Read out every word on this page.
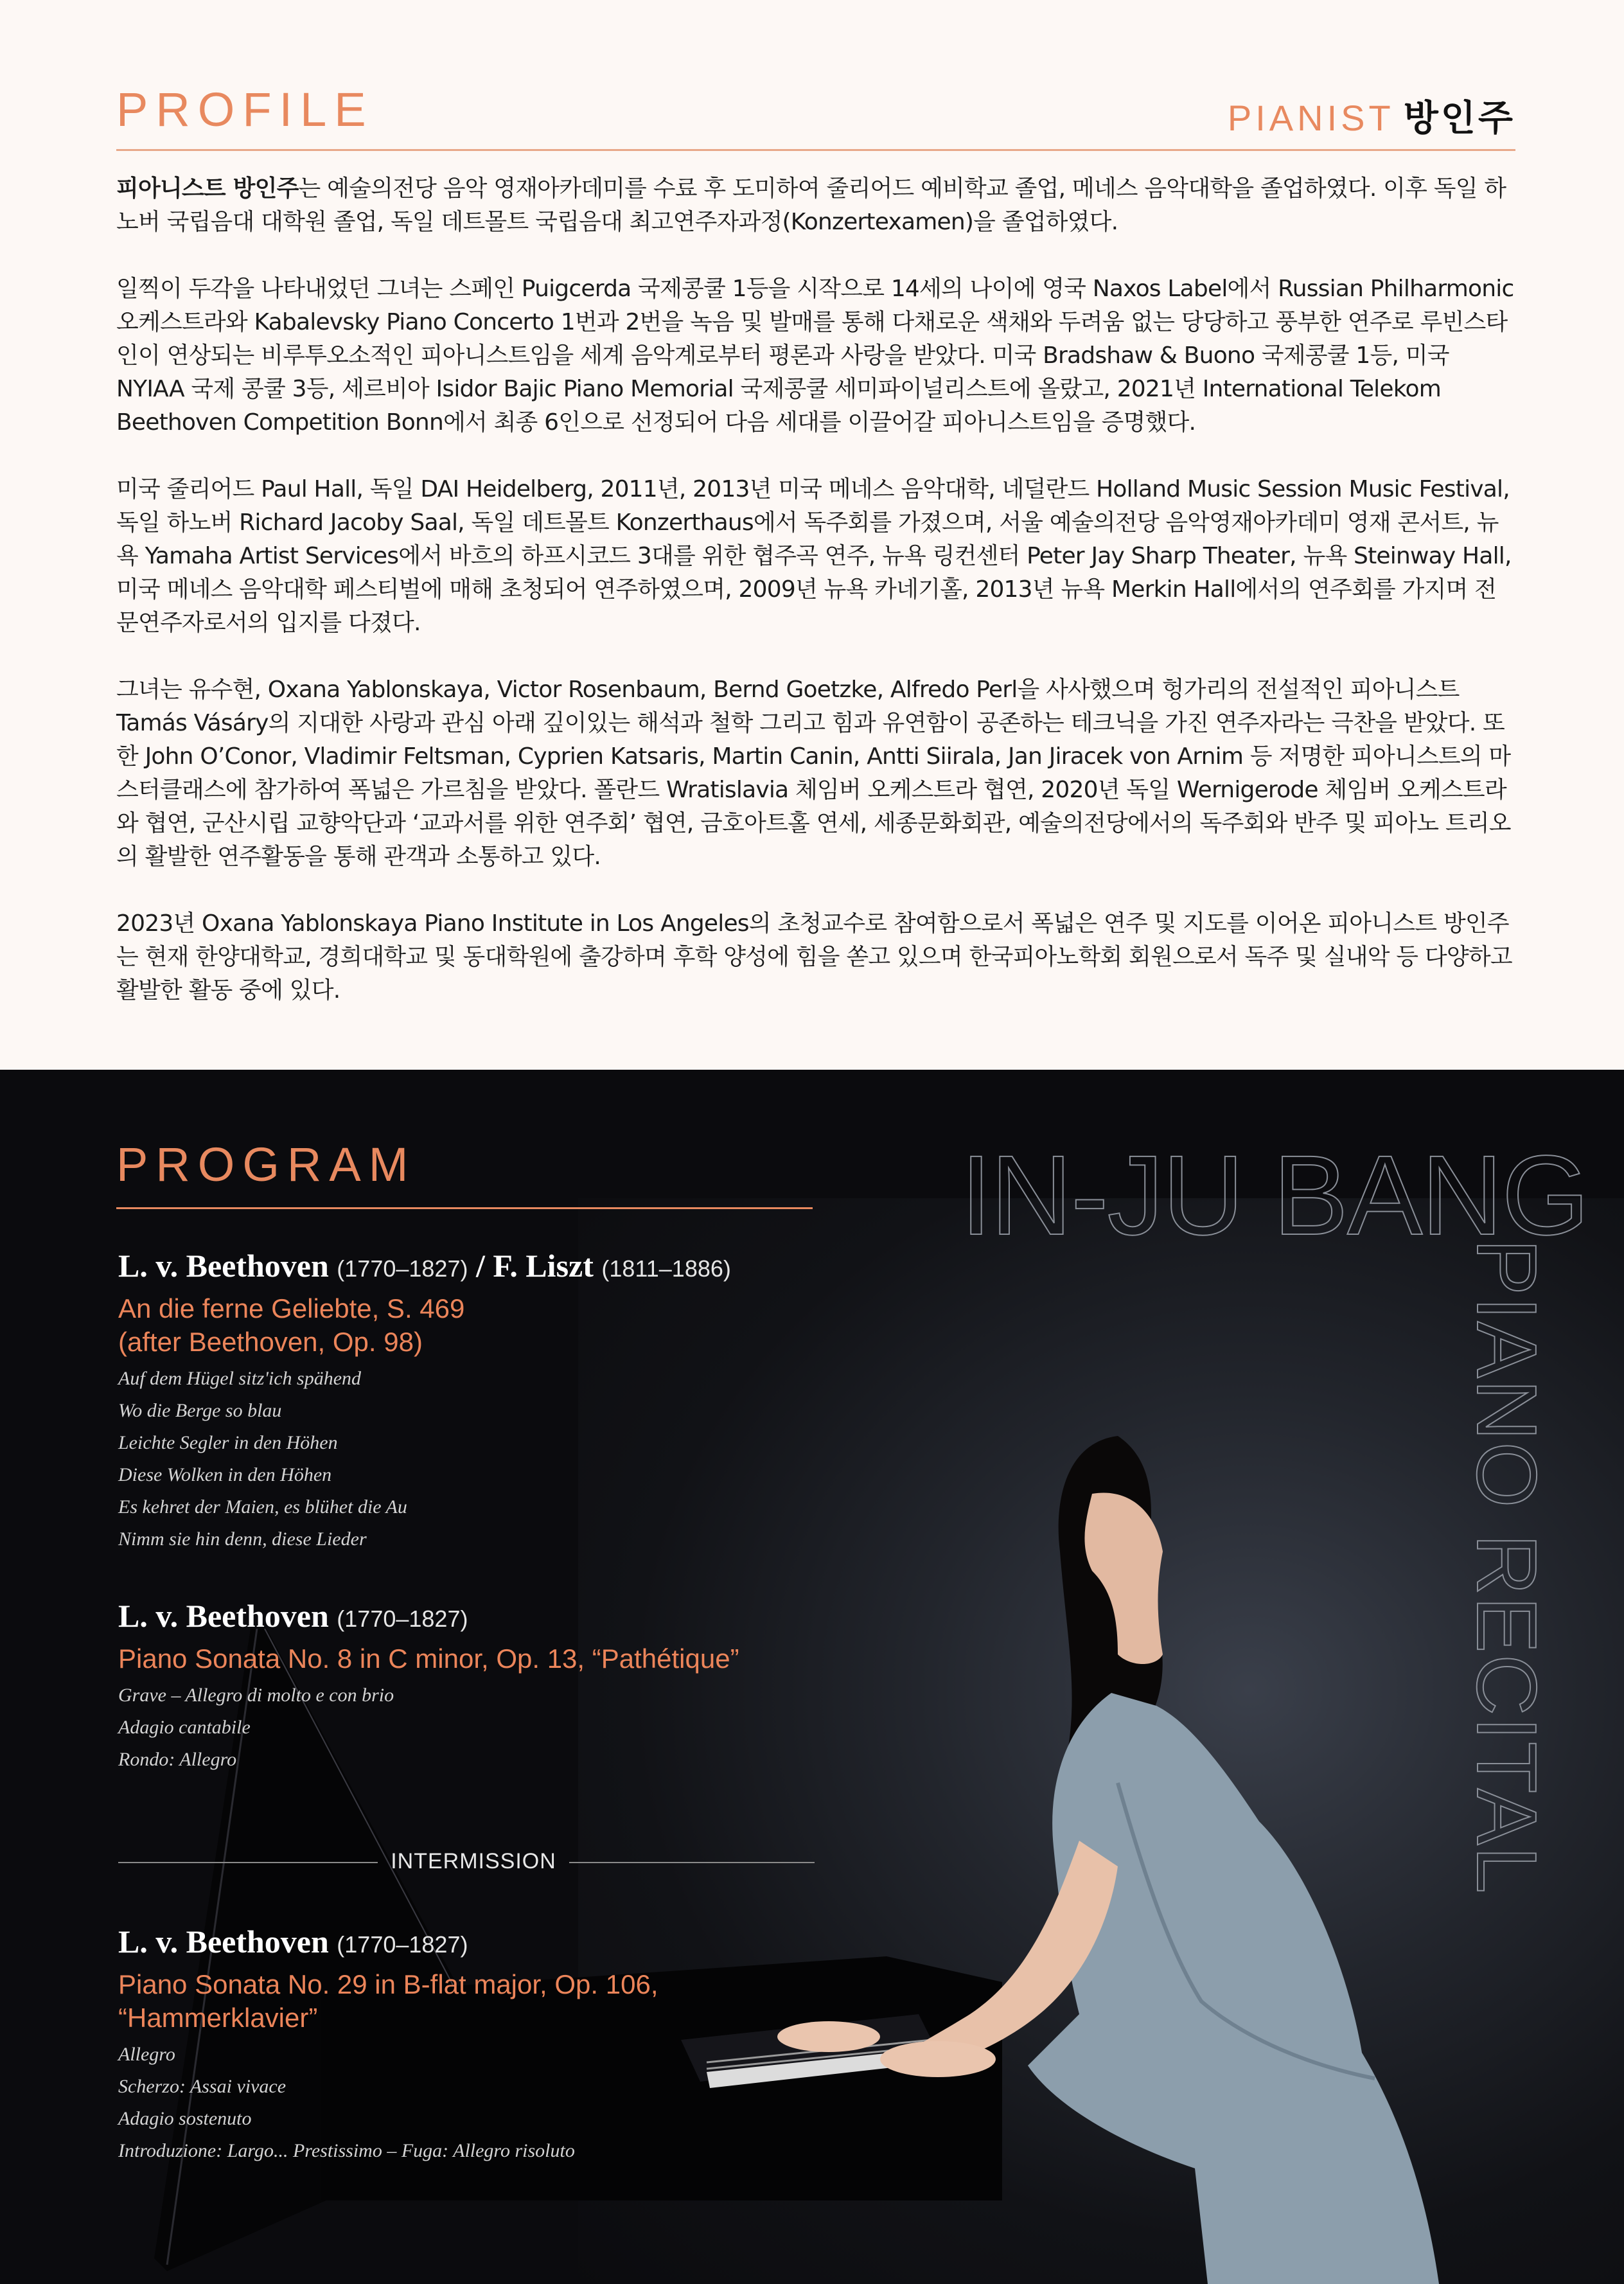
PROFILE	PIANIST 방인주

피아니스트 방인주는 예술의전당 음악 영재아카데미를 수료 후 도미하여 줄리어드 예비학교 졸업, 메네스 음악대학을 졸업하였다. 이후 독일 하노버 국립음대 대학원 졸업, 독일 데트몰트 국립음대 최고연주자과정(Konzertexamen)을 졸업하였다.

일찍이 두각을 나타내었던 그녀는 스페인 Puigcerda 국제콩쿨 1등을 시작으로 14세의 나이에 영국 Naxos Label에서 Russian Philharmonic 오케스트라와 Kabalevsky Piano Concerto 1번과 2번을 녹음 및 발매를 통해 다채로운 색채와 두려움 없는 당당하고 풍부한 연주로 루빈스타인이 연상되는 비루투오소적인 피아니스트임을 세계 음악계로부터 평론과 사랑을 받았다. 미국 Bradshaw & Buono 국제콩쿨 1등, 미국 NYIAA 국제 콩쿨 3등, 세르비아 Isidor Bajic Piano Memorial 국제콩쿨 세미파이널리스트에 올랐고, 2021년 International Telekom Beethoven Competition Bonn에서 최종 6인으로 선정되어 다음 세대를 이끌어갈 피아니스트임을 증명했다.

미국 줄리어드 Paul Hall, 독일 DAI Heidelberg, 2011년, 2013년 미국 메네스 음악대학, 네덜란드 Holland Music Session Music Festival, 독일 하노버 Richard Jacoby Saal, 독일 데트몰트 Konzerthaus에서 독주회를 가졌으며, 서울 예술의전당 음악영재아카데미 영재 콘서트, 뉴욕 Yamaha Artist Services에서 바흐의 하프시코드 3대를 위한 협주곡 연주, 뉴욕 링컨센터 Peter Jay Sharp Theater, 뉴욕 Steinway Hall, 미국 메네스 음악대학 페스티벌에 매해 초청되어 연주하였으며, 2009년 뉴욕 카네기홀, 2013년 뉴욕 Merkin Hall에서의 연주회를 가지며 전문연주자로서의 입지를 다졌다.

그녀는 유수현, Oxana Yablonskaya, Victor Rosenbaum, Bernd Goetzke, Alfredo Perl을 사사했으며 헝가리의 전설적인 피아니스트 Tamás Vásáry의 지대한 사랑과 관심 아래 깊이있는 해석과 철학 그리고 힘과 유연함이 공존하는 테크닉을 가진 연주자라는 극찬을 받았다. 또한 John O’Conor, Vladimir Feltsman, Cyprien Katsaris, Martin Canin, Antti Siirala, Jan Jiracek von Arnim 등 저명한 피아니스트의 마스터클래스에 참가하여 폭넓은 가르침을 받았다. 폴란드 Wratislavia 체임버 오케스트라 협연, 2020년 독일 Wernigerode 체임버 오케스트라와 협연, 군산시립 교향악단과 ‘교과서를 위한 연주회’ 협연, 금호아트홀 연세, 세종문화회관, 예술의전당에서의 독주회와 반주 및 피아노 트리오의 활발한 연주활동을 통해 관객과 소통하고 있다.

2023년 Oxana Yablonskaya Piano Institute in Los Angeles의 초청교수로 참여함으로서 폭넓은 연주 및 지도를 이어온 피아니스트 방인주는 현재 한양대학교, 경희대학교 및 동대학원에 출강하며 후학 양성에 힘을 쏟고 있으며 한국피아노학회 회원으로서 독주 및 실내악 등 다양하고 활발한 활동 중에 있다.

PROGRAM	IN-JU BANG
PIANO RECITAL
L. v. Beethoven (1770–1827) / F. Liszt (1811–1886)
An die ferne Geliebte, S. 469
(after Beethoven, Op. 98)
Auf dem Hügel sitz'ich spähend
Wo die Berge so blau
Leichte Segler in den Höhen
Diese Wolken in den Höhen
Es kehret der Maien, es blühet die Au
Nimm sie hin denn, diese Lieder
L. v. Beethoven (1770–1827)
Piano Sonata No. 8 in C minor, Op. 13, “Pathétique”
Grave – Allegro di molto e con brio
Adagio cantabile
Rondo: Allegro
INTERMISSION
L. v. Beethoven (1770–1827)
Piano Sonata No. 29 in B-flat major, Op. 106,
“Hammerklavier”
Allegro
Scherzo: Assai vivace
Adagio sostenuto
Introduzione: Largo... Prestissimo – Fuga: Allegro risoluto
